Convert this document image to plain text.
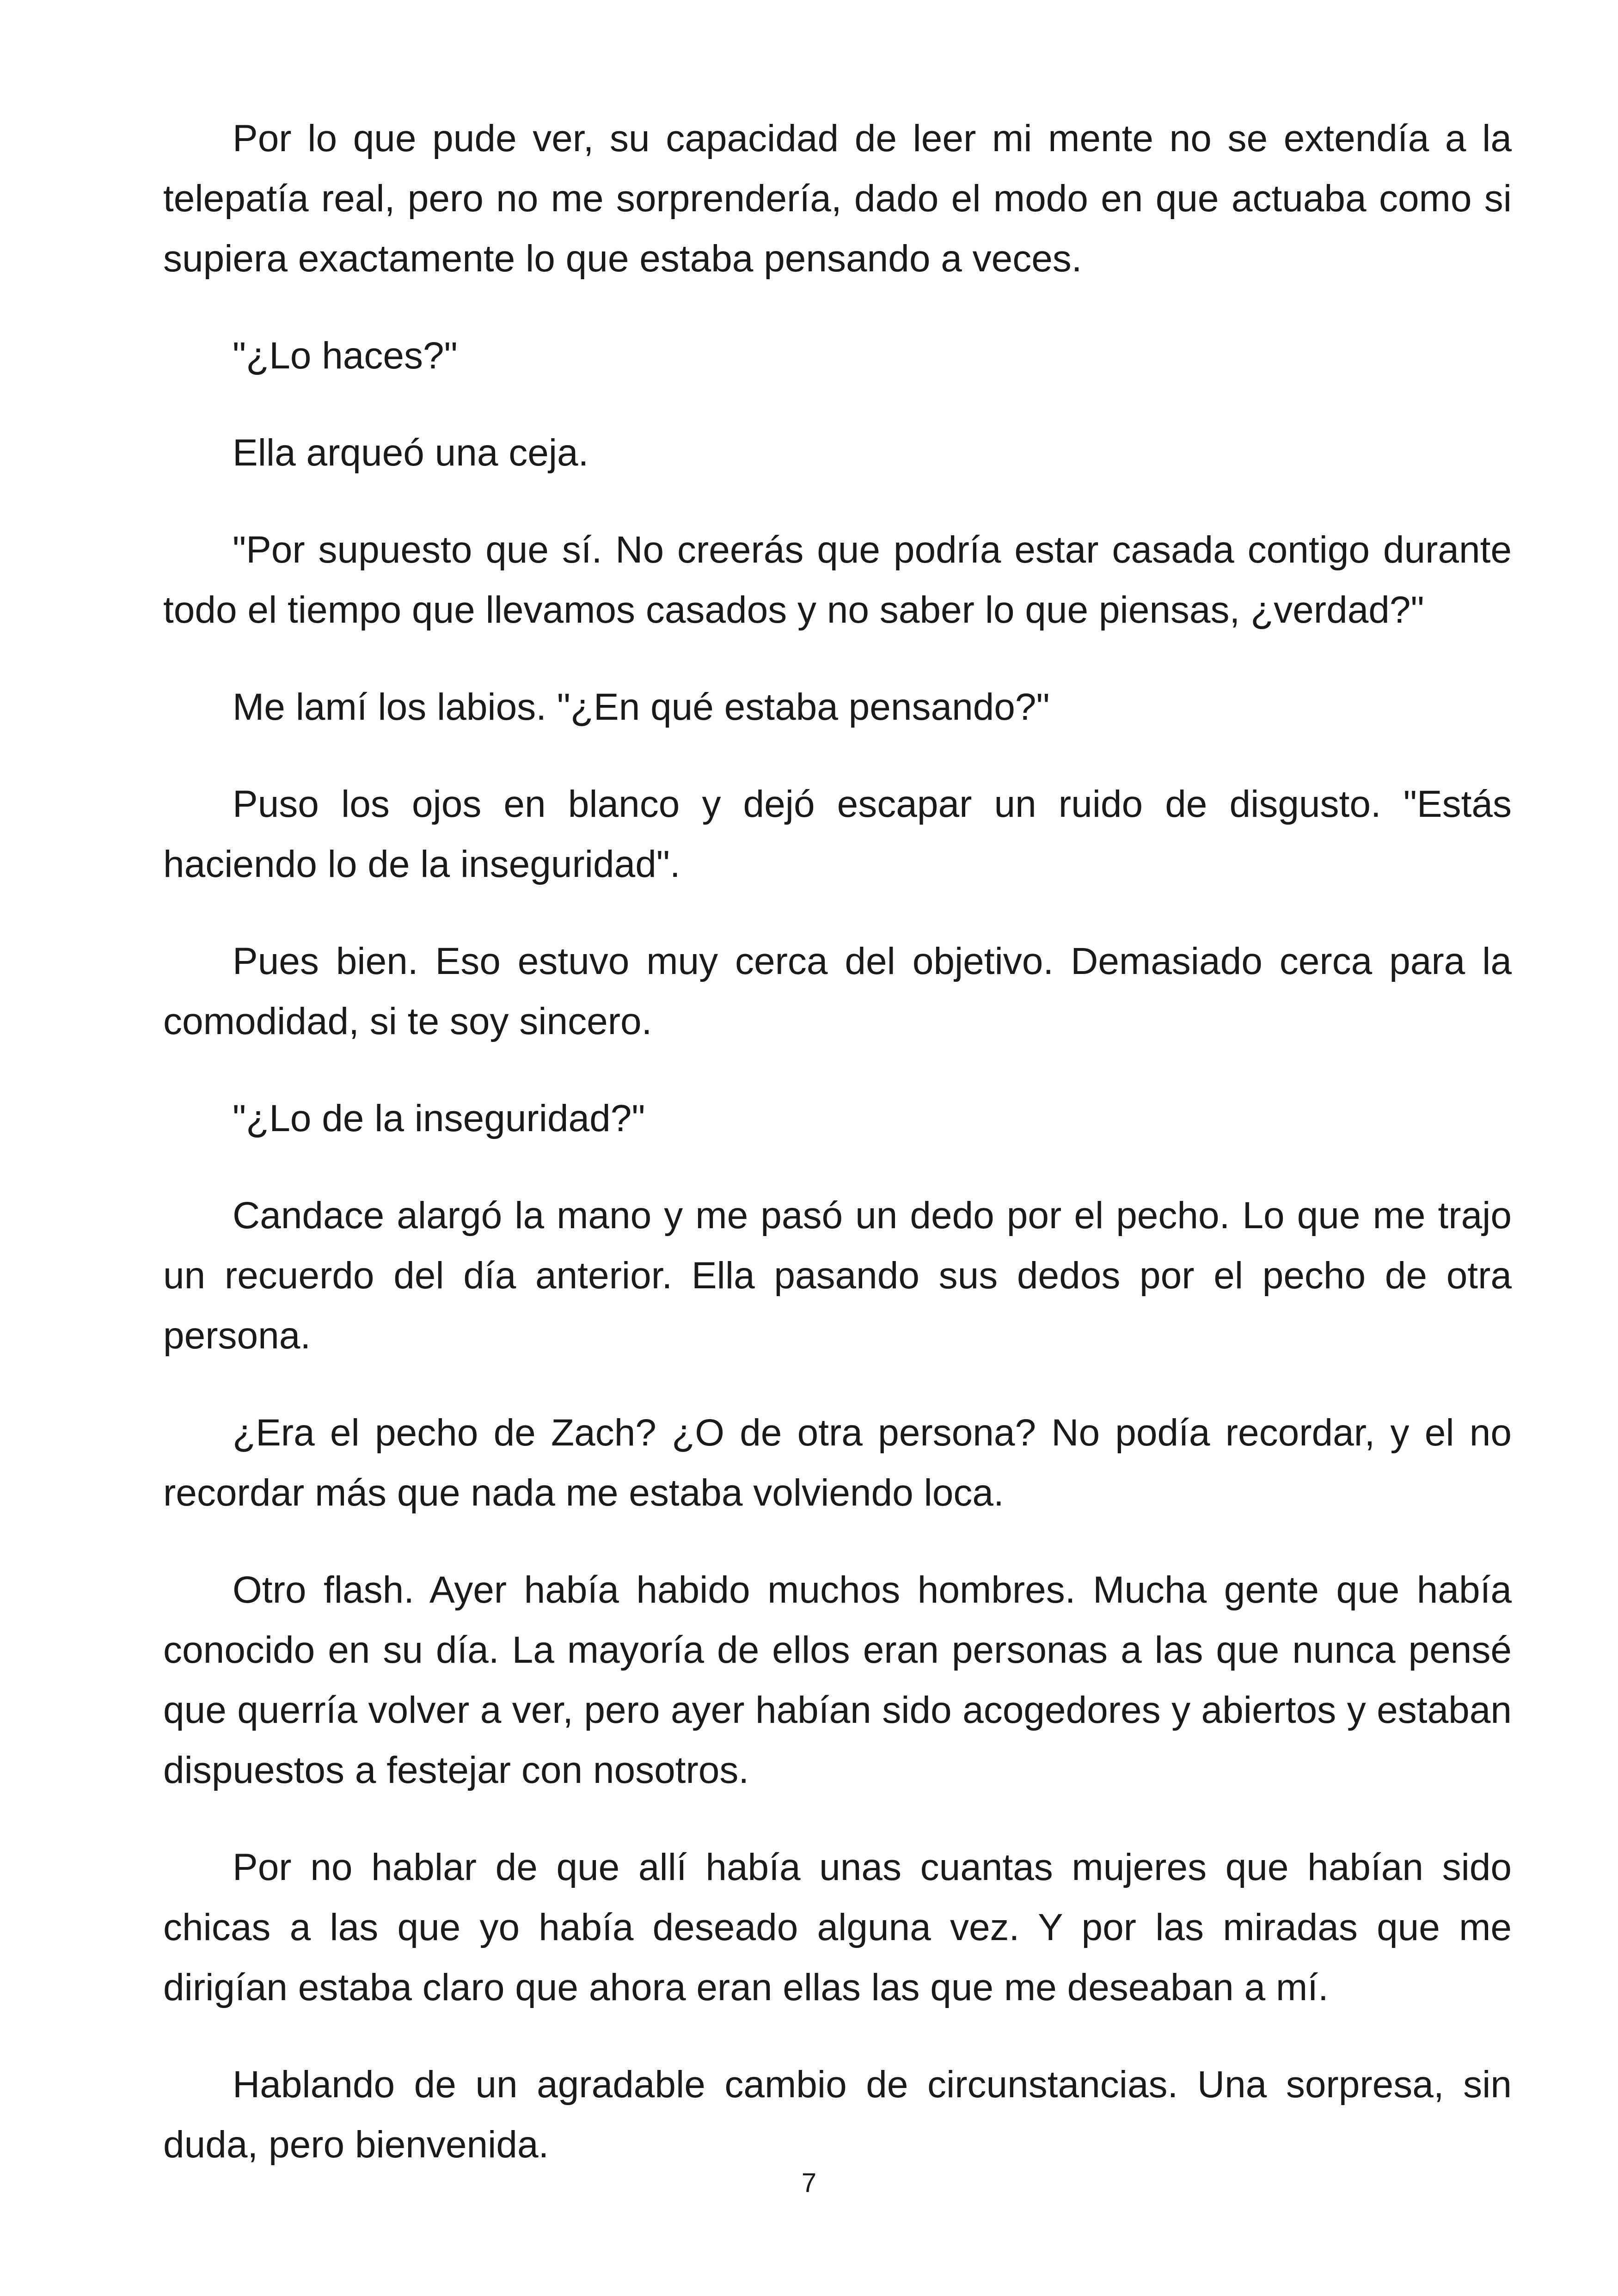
Por lo que pude ver, su capacidad de leer mi mente no se extendía a la telepatía real, pero no me sorprendería, dado el modo en que actuaba como si supiera exactamente lo que estaba pensando a veces.

"¿Lo haces?"

Ella arqueó una ceja.

"Por supuesto que sí. No creerás que podría estar casada contigo durante todo el tiempo que llevamos casados y no saber lo que piensas, ¿verdad?"

Me lamí los labios. "¿En qué estaba pensando?"

Puso los ojos en blanco y dejó escapar un ruido de disgusto. "Estás haciendo lo de la inseguridad".

Pues bien. Eso estuvo muy cerca del objetivo. Demasiado cerca para la comodidad, si te soy sincero.

"¿Lo de la inseguridad?"

Candace alargó la mano y me pasó un dedo por el pecho. Lo que me trajo un recuerdo del día anterior. Ella pasando sus dedos por el pecho de otra persona.

¿Era el pecho de Zach? ¿O de otra persona? No podía recordar, y el no recordar más que nada me estaba volviendo loca.

Otro flash. Ayer había habido muchos hombres. Mucha gente que había conocido en su día. La mayoría de ellos eran personas a las que nunca pensé que querría volver a ver, pero ayer habían sido acogedores y abiertos y estaban dispuestos a festejar con nosotros.

Por no hablar de que allí había unas cuantas mujeres que habían sido chicas a las que yo había deseado alguna vez. Y por las miradas que me dirigían estaba claro que ahora eran ellas las que me deseaban a mí.

Hablando de un agradable cambio de circunstancias. Una sorpresa, sin duda, pero bienvenida.

7
